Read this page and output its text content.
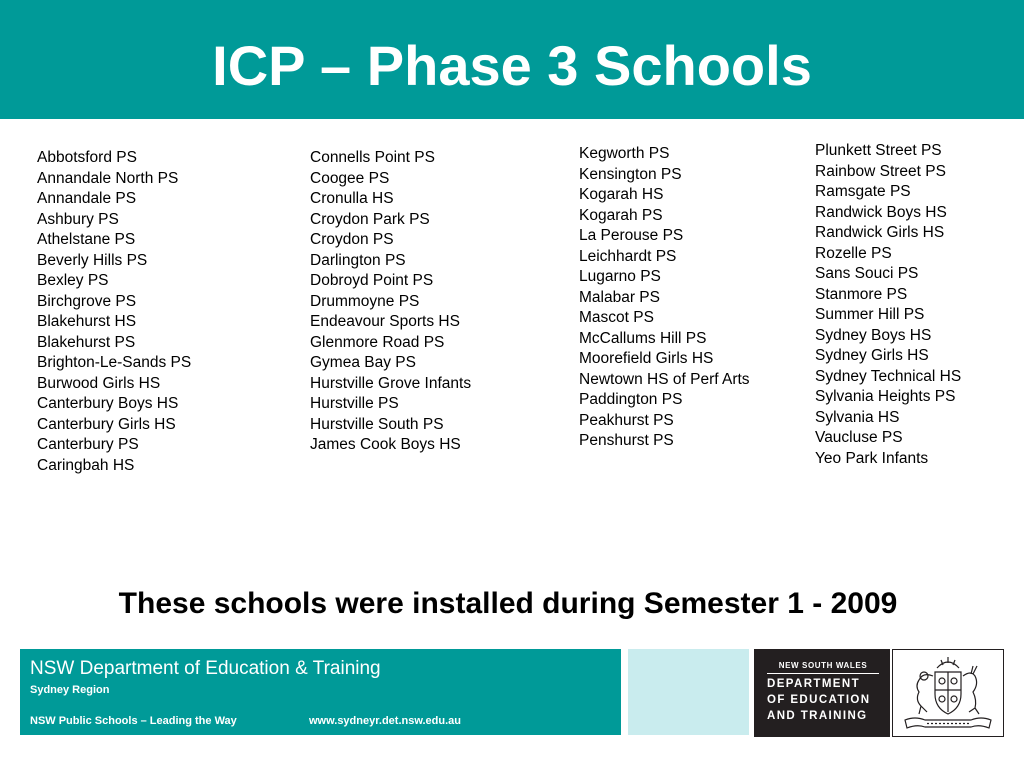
ICP – Phase 3 Schools
Abbotsford PS
Annandale North PS
Annandale PS
Ashbury PS
Athelstane PS
Beverly Hills PS
Bexley PS
Birchgrove PS
Blakehurst HS
Blakehurst PS
Brighton-Le-Sands PS
Burwood Girls HS
Canterbury Boys HS
Canterbury Girls HS
Canterbury PS
Caringbah HS
Connells Point PS
Coogee PS
Cronulla HS
Croydon Park PS
Croydon PS
Darlington PS
Dobroyd Point PS
Drummoyne PS
Endeavour Sports HS
Glenmore Road PS
Gymea Bay PS
Hurstville Grove Infants
Hurstville PS
Hurstville South PS
James Cook Boys HS
Kegworth PS
Kensington PS
Kogarah HS
Kogarah PS
La Perouse PS
Leichhardt PS
Lugarno PS
Malabar PS
Mascot PS
McCallums Hill PS
Moorefield Girls HS
Newtown HS of Perf Arts
Paddington PS
Peakhurst PS
Penshurst PS
Plunkett Street PS
Rainbow Street PS
Ramsgate PS
Randwick Boys HS
Randwick Girls HS
Rozelle PS
Sans Souci PS
Stanmore PS
Summer Hill PS
Sydney Boys HS
Sydney Girls HS
Sydney Technical HS
Sylvania Heights PS
Sylvania HS
Vaucluse PS
Yeo Park Infants

These schools were installed during Semester 1 - 2009

NSW Department of Education & Training
Sydney Region
NSW Public Schools – Leading the Way	www.sydneyr.det.nsw.edu.au
NEW SOUTH WALES
DEPARTMENT
OF EDUCATION
AND TRAINING
